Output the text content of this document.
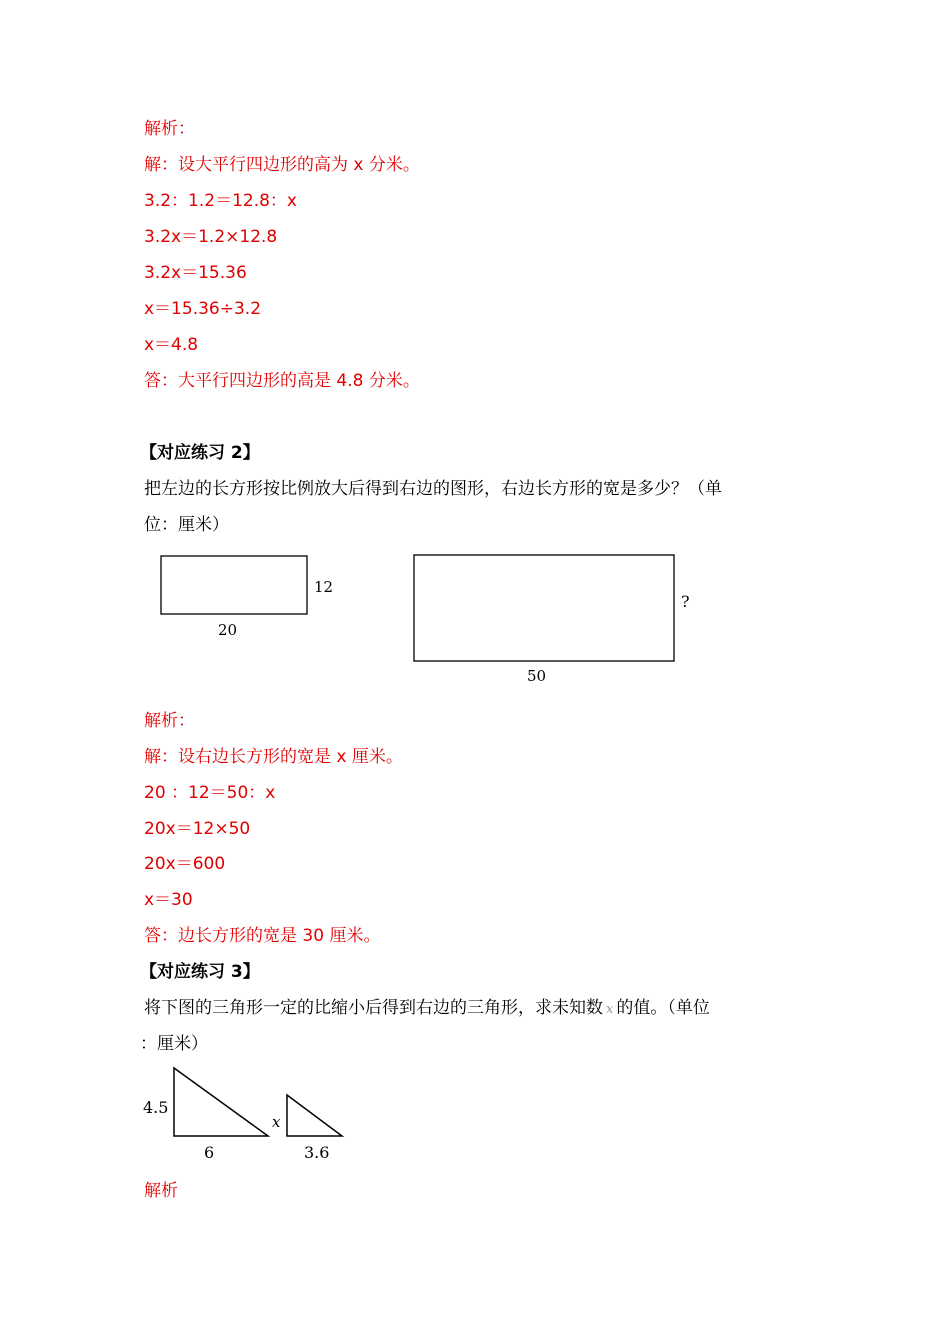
解析：
解：设大平行四边形的高为 x 分米。
3.2：1.2＝12.8：x
3.2x＝1.2×12.8
3.2x＝15.36
x＝15.36÷3.2
x＝4.8
答：大平行四边形的高是 4.8 分米。
【对应练习 2】
把左边的长方形按比例放大后得到右边的图形，右边长方形的宽是多少？（单
位：厘米）
12
20
?
50
解析：
解：设右边长方形的宽是 x 厘米。
20 ：12＝50：x
20x＝12×50
20x＝600
x＝30
答：边长方形的宽是 30 厘米。
【对应练习 3】
将下图的三角形一定的比缩小后得到右边的三角形，求未知数 x 的值。（单位
：厘米）
4.5
6
x
3.6
解析
